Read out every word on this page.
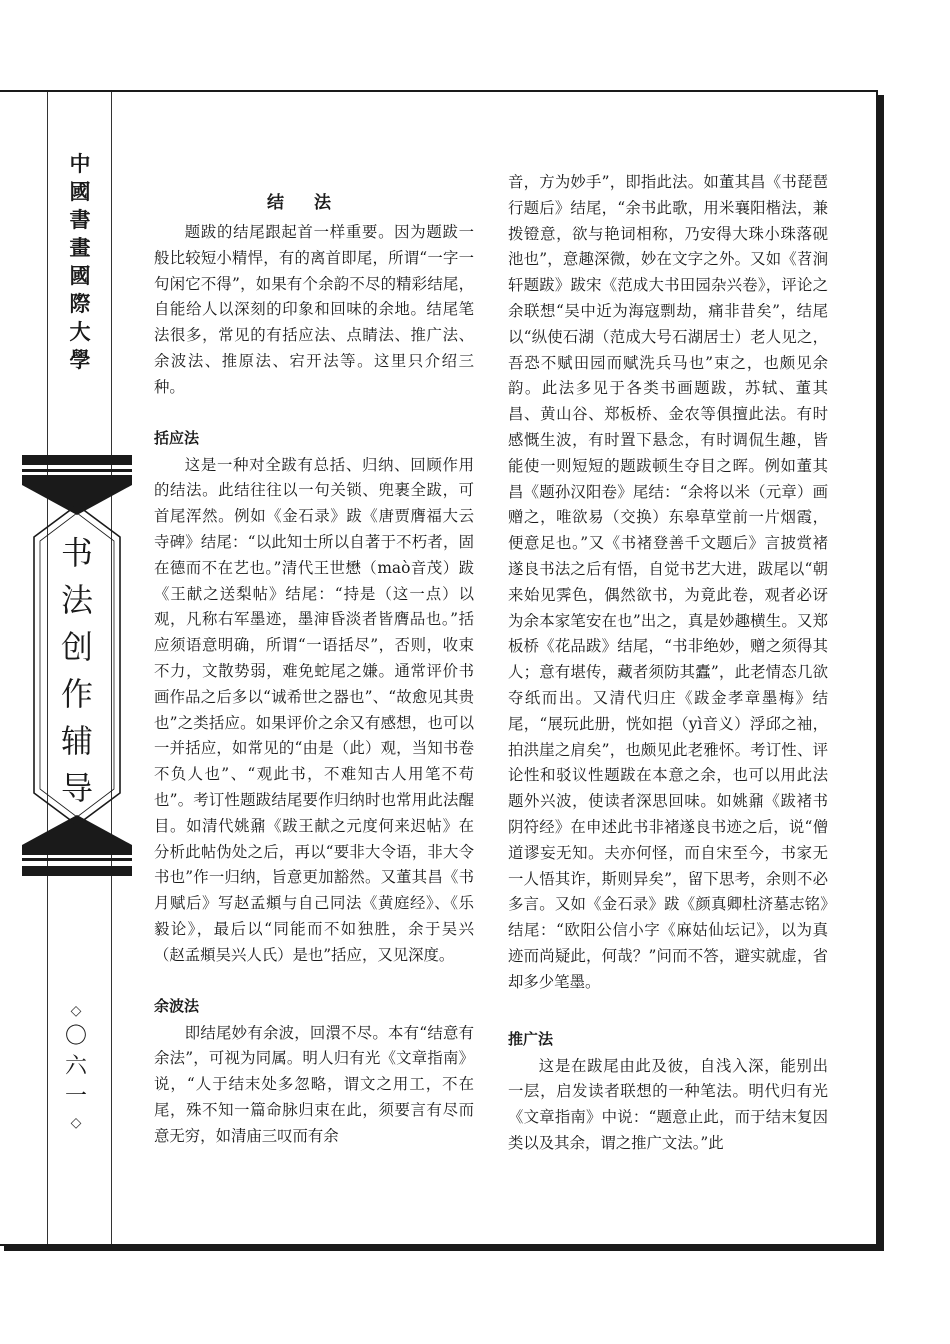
中
國
書
畫
國
際
大
學
书
法
创
作
辅
导
◇
〇
六
一
◇
结法

题跋的结尾跟起首一样重要。因为题跋一般比较短小精悍，有的离首即尾，所谓“一字一句闲它不得”，如果有个余韵不尽的精彩结尾，自能给人以深刻的印象和回味的余地。结尾笔法很多，常见的有括应法、点睛法、推广法、余波法、推原法、宕开法等。这里只介绍三种。

括应法

这是一种对全跋有总括、归纳、回顾作用的结法。此结往往以一句关锁、兜裹全跋，可首尾浑然。例如《金石录》跋《唐贾膺福大云寺碑》结尾：“以此知士所以自著于不朽者，固在德而不在艺也。”清代王世懋（maò音茂）跋《王献之送梨帖》结尾：“持是（这一点）以观，凡称右军墨迹，墨渖昏淡者皆膺品也。”括应须语意明确，所谓“一语括尽”，否则，收束不力，文散势弱，难免蛇尾之嫌。通常评价书画作品之后多以“诚希世之器也”、“故愈见其贵也”之类括应。如果评价之余又有感想，也可以一并括应，如常见的“由是（此）观，当知书卷不负人也”、“观此书，不难知古人用笔不苟也”。考订性题跋结尾要作归纳时也常用此法醒目。如清代姚鼐《跋王献之元度何来迟帖》在分析此帖伪处之后，再以“要非大令语，非大令书也”作一归纳，旨意更加豁然。又董其昌《书月赋后》写赵孟頫与自己同法《黄庭经》、《乐毅论》，最后以“同能而不如独胜，余于吴兴（赵孟頫吴兴人氏）是也”括应，又见深度。

余波法

即结尾妙有余波，回澴不尽。本有“结意有余法”，可视为同属。明人归有光《文章指南》说，“人于结末处多忽略，谓文之用工，不在尾，殊不知一篇命脉归束在此，须要言有尽而意无穷，如清庙三叹而有余

音，方为妙手”，即指此法。如董其昌《书琵琶行题后》结尾，“余书此歌，用米襄阳楷法，兼拨镫意，欲与艳词相称，乃安得大珠小珠落砚池也”，意趣深微，妙在文字之外。又如《苕涧轩题跋》跋宋《范成大书田园杂兴卷》，评论之余联想“吴中近为海寇剽劫，痛非昔矣”，结尾以“纵使石湖（范成大号石湖居士）老人见之，吾恐不赋田园而赋洗兵马也”束之，也颇见余韵。此法多见于各类书画题跋，苏轼、董其昌、黄山谷、郑板桥、金农等俱擅此法。有时感慨生波，有时置下悬念，有时调侃生趣，皆能使一则短短的题跋顿生夺目之晖。例如董其昌《题孙汉阳卷》尾结：“余将以米（元章）画赠之，唯欲易（交换）东皋草堂前一片烟霞，便意足也。”又《书褚登善千文题后》言披赏褚遂良书法之后有悟，自觉书艺大进，跋尾以“朝来始见霁色，偶然欲书，为竟此卷，观者必讶为余本家笔安在也”出之，真是妙趣横生。又郑板桥《花品跋》结尾，“书非绝妙，赠之须得其人；意有堪传，藏者须防其蠹”，此老情态几欲夺纸而出。又清代归庄《跋金孝章墨梅》结尾，“展玩此册，恍如挹（yì音义）浮邱之袖，拍洪崖之肩矣”，也颇见此老雅怀。考订性、评论性和驳议性题跋在本意之余，也可以用此法题外兴波，使读者深思回味。如姚鼐《跋褚书阴符经》在申述此书非褚遂良书迹之后，说“僧道谬妄无知。夫亦何怪，而自宋至今，书家无一人悟其诈，斯则异矣”，留下思考，余则不必多言。又如《金石录》跋《颜真卿杜济墓志铭》结尾：“欧阳公信小字《麻姑仙坛记》，以为真迹而尚疑此，何哉？”问而不答，避实就虚，省却多少笔墨。

推广法

这是在跋尾由此及彼，自浅入深，能别出一层，启发读者联想的一种笔法。明代归有光《文章指南》中说：“题意止此，而于结末复因类以及其余，谓之推广文法。”此
